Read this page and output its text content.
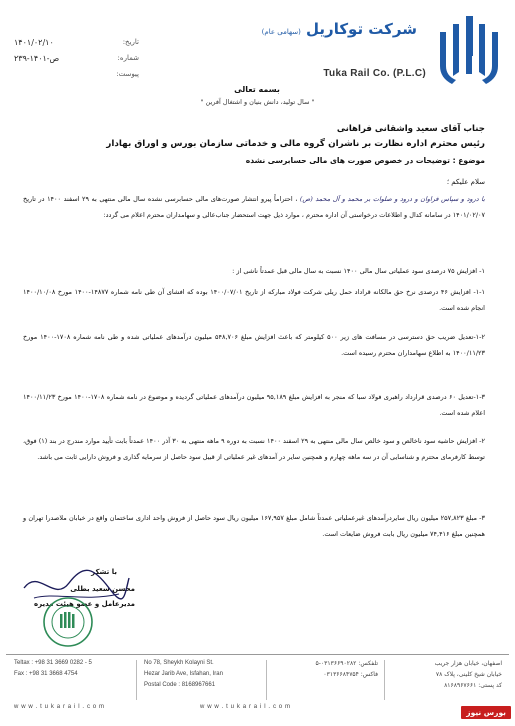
شرکت توکاریل (سهامی عام)
Tuka Rail Co. (P.L.C)
تاریخ:
۱۴۰۱/۰۲/۱۰
شماره:
ص-۱۴۰۱-۲۳۹
پیوست:
بسمه تعالی
" سال تولید، دانش بنیان و اشتغال آفرین "
جناب آقای سعید واشقانی فراهانی
رئیس محترم اداره نظارت بر ناشران گروه مالی و خدماتی سازمان بورس و اوراق بهادار
موضوع : توضیحات در خصوص صورت های مالی حسابرسی نشده
سلام علیکم ؛
با درود و سپاس فراوان و درود و صلوات بر محمد و آل محمد (ص) ، احتراماً پیرو انتشار صورت‌های مالی حسابرسی نشده سال مالی منتهی به ۲۹ اسفند ۱۴۰۰ در تاریخ ۱۴۰۱/۰۲/۰۷ در سامانه کدال و اطلاعات درخواستی آن اداره محترم ، موارد ذیل جهت استحضار جناب‌عالی و سهامداران محترم اعلام می گردد:
۱- افزایش ۷۵ درصدی سود عملیاتی سال مالی ۱۴۰۰ نسبت به سال مالی قبل عمدتاً ناشی از :
۱-۱- افزایش ۴۶ درصدی نرخ حق مالکانه قراداد حمل ریلی شرکت فولاد مبارکه از تاریخ ۱۴۰۰/۰۷/۰۱ بوده که افشای آن طی نامه شماره ۱۴۸۷۷-۱۴۰۰ مورخ ۱۴۰۰/۱۰/۰۸ انجام شده است.
۱-۲-تعدیل ضریب حق دسترسی در مسافت های زیر ۵۰۰ کیلومتر که باعث افزایش مبلغ ۵۴۸,۷۰۶ میلیون درآمدهای عملیاتی شده و طی نامه شماره ۱۷۰۸-۱۴۰۰ مورخ ۱۴۰۰/۱۱/۲۳ به اطلاع سهامداران محترم رسیده است.
۱-۳-تعدیل ۶۰ درصدی قرارداد راهبری فولاد سبا که منجر به افزایش مبلغ ۹۵,۱۸۹ میلیون درآمدهای عملیاتی گردیده و موضوع در نامه شماره ۱۷۰۸-۱۴۰۰ مورخ ۱۴۰۰/۱۱/۲۳ اعلام شده است.
۲- افزایش حاشیه سود ناخالص و سود خالص سال مالی منتهی به ۲۹ اسفند ۱۴۰۰ نسبت به دوره ۹ ماهه منتهی به ۳۰ آذر ۱۴۰۰ عمدتاً بابت تأیید موارد مندرج در بند (۱) فوق، توسط کارفرمای محترم و شناسایی آن در سه ماهه چهارم و همچنین سایر در آمدهای غیر عملیاتی از قبیل سود حاصل از سرمایه گذاری و فروش دارایی ثابت می باشد.
۳- مبلغ ۲۵۷,۸۲۳ میلیون ریال سایردرآمدهای غیرعملیاتی عمدتاً شامل مبلغ ۱۶۷,۹۵۷ میلیون ریال سود حاصل از فروش واحد اداری ساختمان واقع در خیابان ملاصدرا تهران و همچنین مبلغ ۷۴,۴۱۶ میلیون ریال بابت فروش ضایعات است.
با تشکر
محسن سعید بطلی
مدیرعامل و عضو هیئت مدیره
Teltax : +98 31 3669 0282 - 5
Fax : +98 31 3668 4754
No 78, Sheykh Kolayni St.
Hezar Jarib Ave, Isfahan, Iran
Postal Code : 8168967661
تلفکس: ۰۳۱۳۶۶۹۰۲۸۲-۵
فاکس: ۰۳۱۳۶۶۸۴۷۵۴
اصفهان، خیابان هزار جریب
خیابان شیخ کلینی، پلاک ۷۸
کد پستی: ۸۱۶۸۹۶۷۶۶۱
w w w . t u k a r a i l . c o m	w w w . t u k a r a i l . c o m
بورس نیوز
